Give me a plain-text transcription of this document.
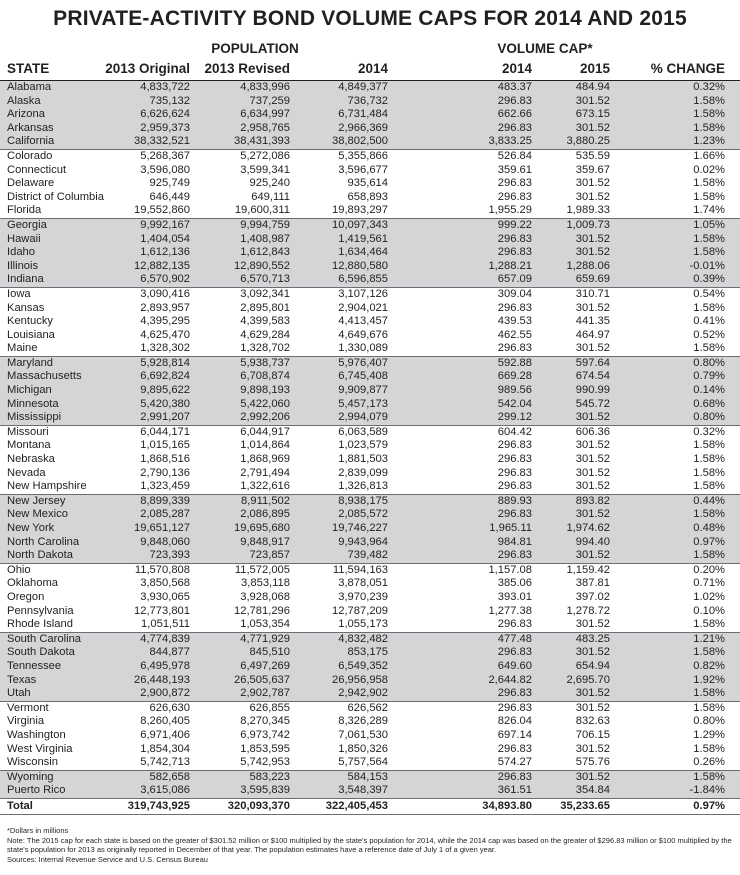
PRIVATE-ACTIVITY BOND VOLUME CAPS FOR 2014 AND 2015
POPULATION	VOLUME CAP*
STATE	2013 Original 2013 Revised	2014	2014	2015	% CHANGE
Alabama	4,833,722	4,833,996	4,849,377	483.37	484.94	0.32%
Alaska	735,132	737,259	736,732	296.83	301.52	1.58%
Arizona	6,626,624	6,634,997	6,731,484	662.66	673.15	1.58%
Arkansas	2,959,373	2,958,765	2,966,369	296.83	301.52	1.58%
California	38,332,521	38,431,393	38,802,500	3,833.25	3,880.25	1.23%
Colorado	5,268,367	5,272,086	5,355,866	526.84	535.59	1.66%
Connecticut	3,596,080	3,599,341	3,596,677	359.61	359.67	0.02%
Delaware	925,749	925,240	935,614	296.83	301.52	1.58%
District of Columbia	646,449	649,111	658,893	296.83	301.52	1.58%
Florida	19,552,860	19,600,311	19,893,297	1,955.29	1,989.33	1.74%
Georgia	9,992,167	9,994,759	10,097,343	999.22	1,009.73	1.05%
Hawaii	1,404,054	1,408,987	1,419,561	296.83	301.52	1.58%
Idaho	1,612,136	1,612,843	1,634,464	296.83	301.52	1.58%
Illinois	12,882,135	12,890,552	12,880,580	1,288.21	1,288.06	-0.01%
Indiana	6,570,902	6,570,713	6,596,855	657.09	659.69	0.39%
Iowa	3,090,416	3,092,341	3,107,126	309.04	310.71	0.54%
Kansas	2,893,957	2,895,801	2,904,021	296.83	301.52	1.58%
Kentucky	4,395,295	4,399,583	4,413,457	439.53	441.35	0.41%
Louisiana	4,625,470	4,629,284	4,649,676	462.55	464.97	0.52%
Maine	1,328,302	1,328,702	1,330,089	296.83	301.52	1.58%
Maryland	5,928,814	5,938,737	5,976,407	592.88	597.64	0.80%
Massachusetts	6,692,824	6,708,874	6,745,408	669.28	674.54	0.79%
Michigan	9,895,622	9,898,193	9,909,877	989.56	990.99	0.14%
Minnesota	5,420,380	5,422,060	5,457,173	542.04	545.72	0.68%
Mississippi	2,991,207	2,992,206	2,994,079	299.12	301.52	0.80%
Missouri	6,044,171	6,044,917	6,063,589	604.42	606.36	0.32%
Montana	1,015,165	1,014,864	1,023,579	296.83	301.52	1.58%
Nebraska	1,868,516	1,868,969	1,881,503	296.83	301.52	1.58%
Nevada	2,790,136	2,791,494	2,839,099	296.83	301.52	1.58%
New Hampshire	1,323,459	1,322,616	1,326,813	296.83	301.52	1.58%
New Jersey	8,899,339	8,911,502	8,938,175	889.93	893.82	0.44%
New Mexico	2,085,287	2,086,895	2,085,572	296.83	301.52	1.58%
New York	19,651,127	19,695,680	19,746,227	1,965.11	1,974.62	0.48%
North Carolina	9,848,060	9,848,917	9,943,964	984.81	994.40	0.97%
North Dakota	723,393	723,857	739,482	296.83	301.52	1.58%
Ohio	11,570,808	11,572,005	11,594,163	1,157.08	1,159.42	0.20%
Oklahoma	3,850,568	3,853,118	3,878,051	385.06	387.81	0.71%
Oregon	3,930,065	3,928,068	3,970,239	393.01	397.02	1.02%
Pennsylvania	12,773,801	12,781,296	12,787,209	1,277.38	1,278.72	0.10%
Rhode Island	1,051,511	1,053,354	1,055,173	296.83	301.52	1.58%
South Carolina	4,774,839	4,771,929	4,832,482	477.48	483.25	1.21%
South Dakota	844,877	845,510	853,175	296.83	301.52	1.58%
Tennessee	6,495,978	6,497,269	6,549,352	649.60	654.94	0.82%
Texas	26,448,193	26,505,637	26,956,958	2,644.82	2,695.70	1.92%
Utah	2,900,872	2,902,787	2,942,902	296.83	301.52	1.58%
Vermont	626,630	626,855	626,562	296.83	301.52	1.58%
Virginia	8,260,405	8,270,345	8,326,289	826.04	832.63	0.80%
Washington	6,971,406	6,973,742	7,061,530	697.14	706.15	1.29%
West Virginia	1,854,304	1,853,595	1,850,326	296.83	301.52	1.58%
Wisconsin	5,742,713	5,742,953	5,757,564	574.27	575.76	0.26%
Wyoming	582,658	583,223	584,153	296.83	301.52	1.58%
Puerto Rico	3,615,086	3,595,839	3,548,397	361.51	354.84	-1.84%
Total	319,743,925	320,093,370	322,405,453	34,893.80	35,233.65	0.97%

*Dollars in millions

Note: The 2015 cap for each state is based on the greater of $301.52 million or $100 multiplied by the state's population for 2014, while the 2014 cap was based on the greater of $296.83 million or $100 multiplied by the state's population for 2013 as originally reported in December of that year. The population estimates have a reference date of July 1 of a given year.

Sources: Internal Revenue Service and U.S. Census Bureau
